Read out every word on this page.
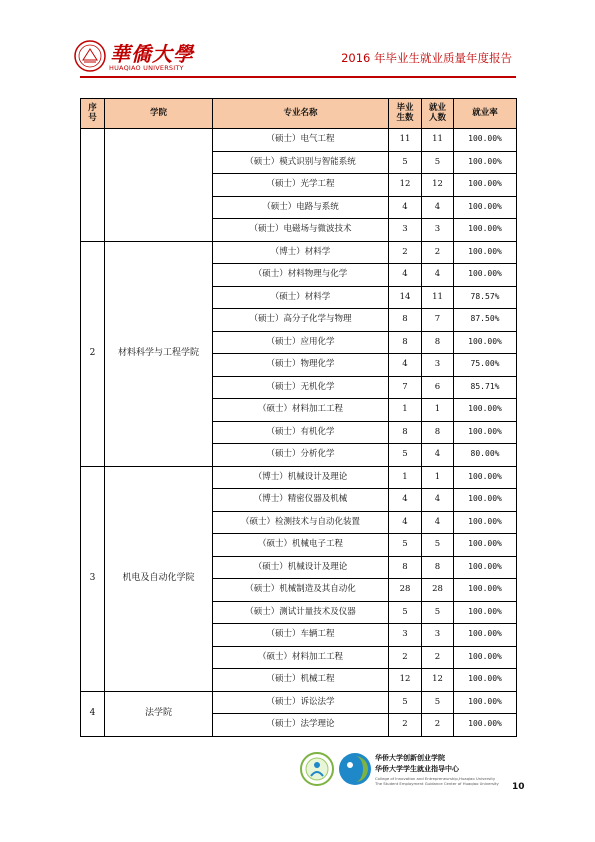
華僑大學
HUAQIAO UNIVERSITY
2016 年毕业生就业质量年度报告
序号	学院	专业名称	毕业生数	就业人数	就业率
		（硕士）电气工程	11	11	100.00%
		（硕士）模式识别与智能系统	5	5	100.00%
		（硕士）光学工程	12	12	100.00%
		（硕士）电路与系统	4	4	100.00%
		（硕士）电磁场与微波技术	3	3	100.00%
2	材料科学与工程学院	（博士）材料学	2	2	100.00%
		（硕士）材料物理与化学	4	4	100.00%
		（硕士）材料学	14	11	78.57%
		（硕士）高分子化学与物理	8	7	87.50%
		（硕士）应用化学	8	8	100.00%
		（硕士）物理化学	4	3	75.00%
		（硕士）无机化学	7	6	85.71%
		（硕士）材料加工工程	1	1	100.00%
		（硕士）有机化学	8	8	100.00%
		（硕士）分析化学	5	4	80.00%
3	机电及自动化学院	（博士）机械设计及理论	1	1	100.00%
		（博士）精密仪器及机械	4	4	100.00%
		（硕士）检测技术与自动化装置	4	4	100.00%
		（硕士）机械电子工程	5	5	100.00%
		（硕士）机械设计及理论	8	8	100.00%
		（硕士）机械制造及其自动化	28	28	100.00%
		（硕士）测试计量技术及仪器	5	5	100.00%
		（硕士）车辆工程	3	3	100.00%
		（硕士）材料加工工程	2	2	100.00%
		（硕士）机械工程	12	12	100.00%
4	法学院	（硕士）诉讼法学	5	5	100.00%
		（硕士）法学理论	2	2	100.00%
华侨大学创新创业学院
华侨大学学生就业指导中心
College of Innovation and Entrepreneurship,Huaqiao University
The Student Employment Guidance Center of Huaqiao University 10
